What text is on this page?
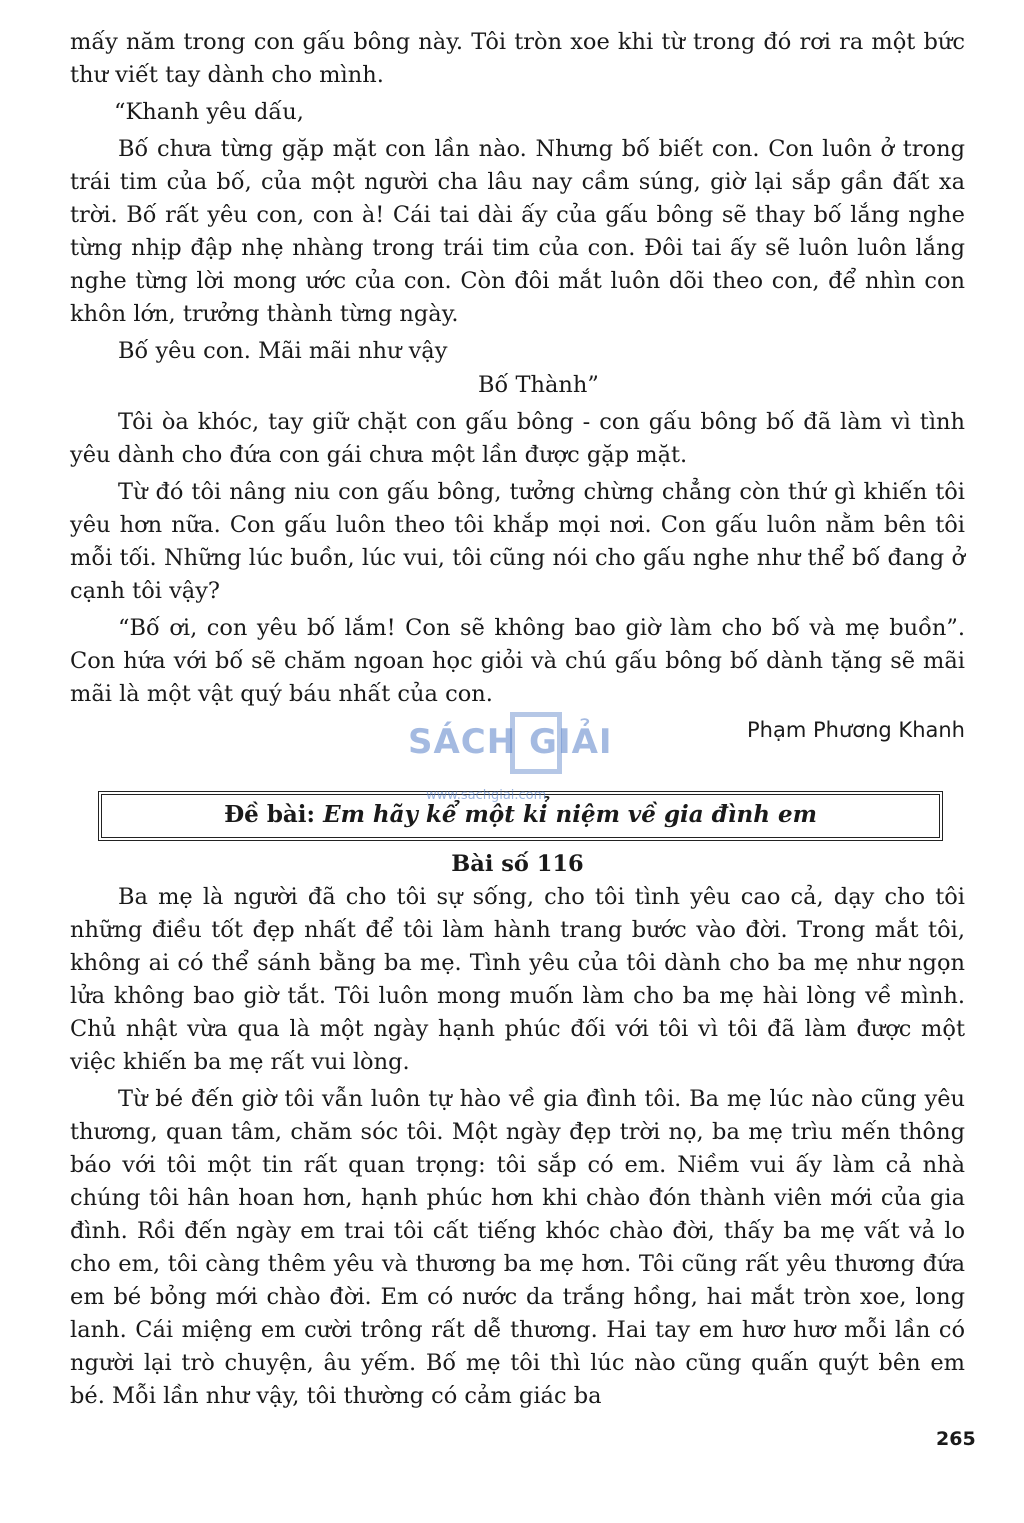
mấy năm trong con gấu bông này. Tôi tròn xoe khi từ trong đó rơi ra một bức thư viết tay dành cho mình.

“Khanh yêu dấu,

Bố chưa từng gặp mặt con lần nào. Nhưng bố biết con. Con luôn ở trong trái tim của bố, của một người cha lâu nay cầm súng, giờ lại sắp gần đất xa trời. Bố rất yêu con, con à! Cái tai dài ấy của gấu bông sẽ thay bố lắng nghe từng nhịp đập nhẹ nhàng trong trái tim của con. Đôi tai ấy sẽ luôn luôn lắng nghe từng lời mong ước của con. Còn đôi mắt luôn dõi theo con, để nhìn con khôn lớn, trưởng thành từng ngày.

Bố yêu con. Mãi mãi như vậy

Bố Thành”

Tôi òa khóc, tay giữ chặt con gấu bông - con gấu bông bố đã làm vì tình yêu dành cho đứa con gái chưa một lần được gặp mặt.

Từ đó tôi nâng niu con gấu bông, tưởng chừng chẳng còn thứ gì khiến tôi yêu hơn nữa. Con gấu luôn theo tôi khắp mọi nơi. Con gấu luôn nằm bên tôi mỗi tối. Những lúc buồn, lúc vui, tôi cũng nói cho gấu nghe như thể bố đang ở cạnh tôi vậy?

“Bố ơi, con yêu bố lắm! Con sẽ không bao giờ làm cho bố và mẹ buồn”. Con hứa với bố sẽ chăm ngoan học giỏi và chú gấu bông bố dành tặng sẽ mãi mãi là một vật quý báu nhất của con.

Phạm Phương Khanh
Đề bài: Em hãy kể một kỉ niệm về gia đình em
Bài số 116

Ba mẹ là người đã cho tôi sự sống, cho tôi tình yêu cao cả, dạy cho tôi những điều tốt đẹp nhất để tôi làm hành trang bước vào đời. Trong mắt tôi, không ai có thể sánh bằng ba mẹ. Tình yêu của tôi dành cho ba mẹ như ngọn lửa không bao giờ tắt. Tôi luôn mong muốn làm cho ba mẹ hài lòng về mình. Chủ nhật vừa qua là một ngày hạnh phúc đối với tôi vì tôi đã làm được một việc khiến ba mẹ rất vui lòng.

Từ bé đến giờ tôi vẫn luôn tự hào về gia đình tôi. Ba mẹ lúc nào cũng yêu thương, quan tâm, chăm sóc tôi. Một ngày đẹp trời nọ, ba mẹ trìu mến thông báo với tôi một tin rất quan trọng: tôi sắp có em. Niềm vui ấy làm cả nhà chúng tôi hân hoan hơn, hạnh phúc hơn khi chào đón thành viên mới của gia đình. Rồi đến ngày em trai tôi cất tiếng khóc chào đời, thấy ba mẹ vất vả lo cho em, tôi càng thêm yêu và thương ba mẹ hơn. Tôi cũng rất yêu thương đứa em bé bỏng mới chào đời. Em có nước da trắng hồng, hai mắt tròn xoe, long lanh. Cái miệng em cười trông rất dễ thương. Hai tay em hươ hươ mỗi lần có người lại trò chuyện, âu yếm. Bố mẹ tôi thì lúc nào cũng quấn quýt bên em bé. Mỗi lần như vậy, tôi thường có cảm giác ba

SÁCH GIẢI
www.sachgiai.com
265
